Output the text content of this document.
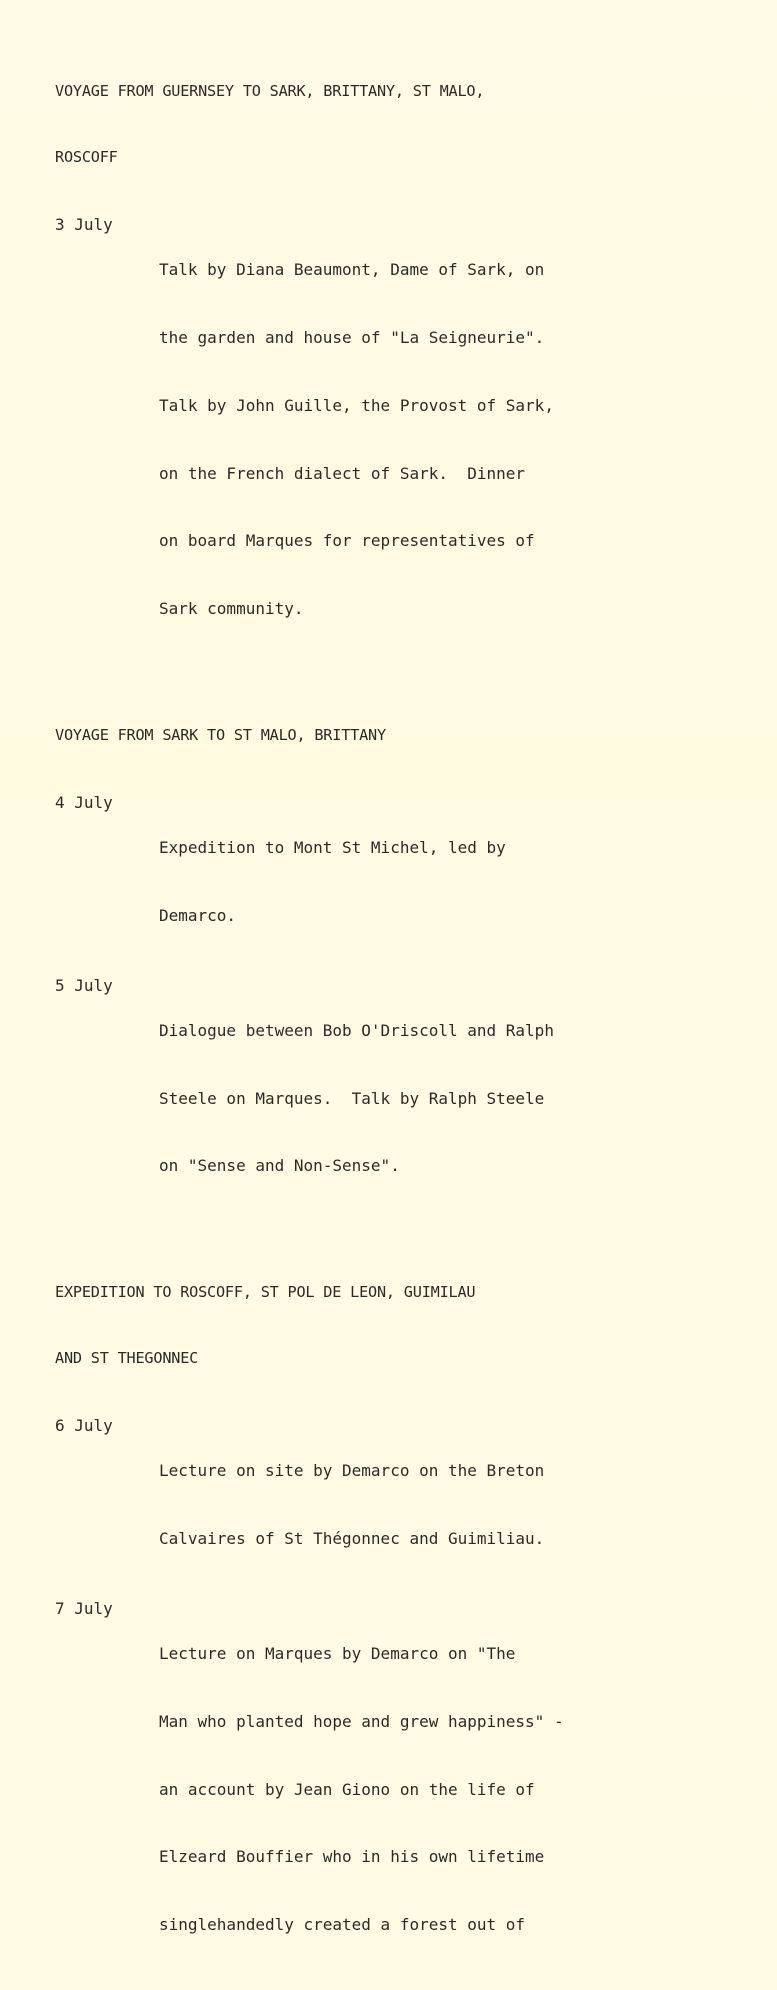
VOYAGE FROM GUERNSEY TO SARK, BRITTANY, ST MALO,

ROSCOFF

3 July

Talk by Diana Beaumont, Dame of Sark, on

the garden and house of "La Seigneurie".

Talk by John Guille, the Provost of Sark,

on the French dialect of Sark.  Dinner

on board Marques for representatives of

Sark community.

VOYAGE FROM SARK TO ST MALO, BRITTANY

4 July

Expedition to Mont St Michel, led by

Demarco.

5 July

Dialogue between Bob O'Driscoll and Ralph

Steele on Marques.  Talk by Ralph Steele

on "Sense and Non-Sense".

EXPEDITION TO ROSCOFF, ST POL DE LEON, GUIMILAU

AND ST THEGONNEC

6 July

Lecture on site by Demarco on the Breton

Calvaires of St Thégonnec and Guimiliau.

7 July

Lecture on Marques by Demarco on "The

Man who planted hope and grew happiness" -

an account by Jean Giono on the life of

Elzeard Bouffier who in his own lifetime

singlehandedly created a forest out of
